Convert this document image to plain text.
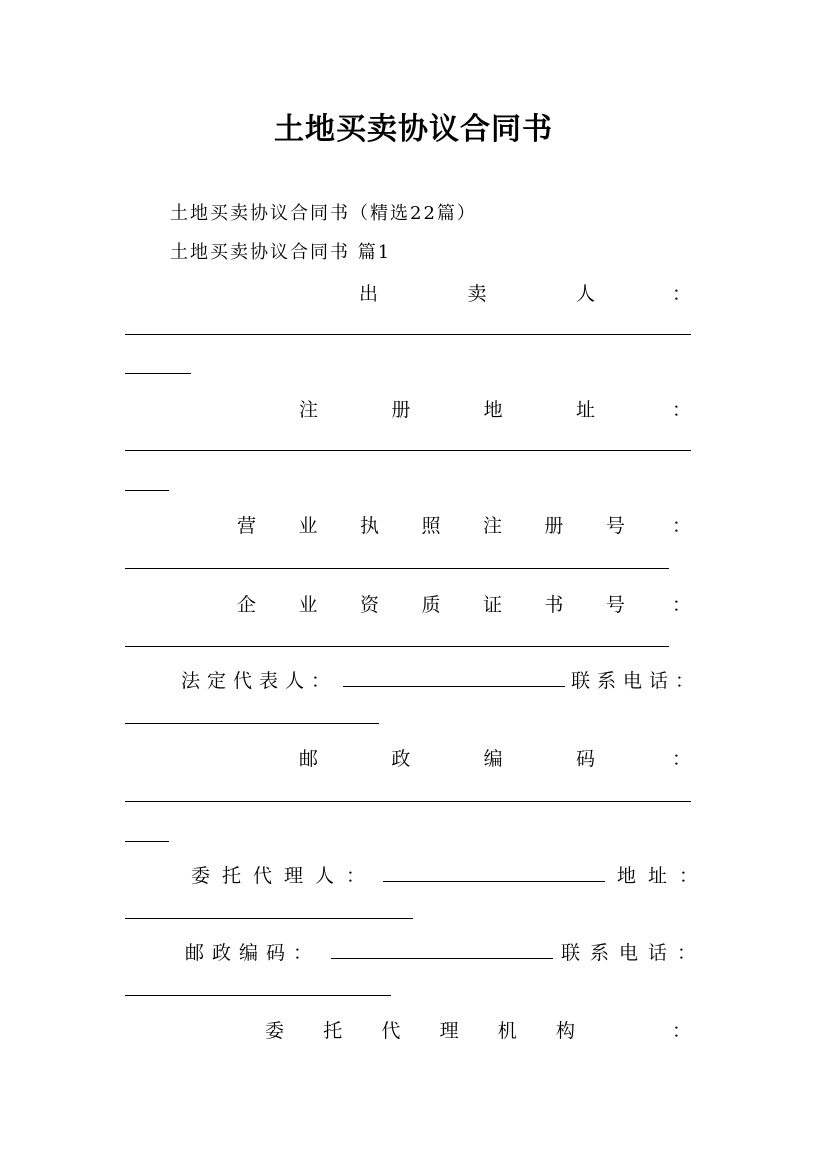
土地买卖协议合同书
土地买卖协议合同书（精选22篇）
土地买卖协议合同书 篇1
出	卖	人	：
注	册	地	址	：
营 业 执 照 注 册 号 ：
企 业 资 质 证 书 号 ：
法定代表人：	联系电话：
邮	政	编	码	：
委托代理人：	地址：
邮政编码：	联系电话：
委 托 代 理 机 构	：
